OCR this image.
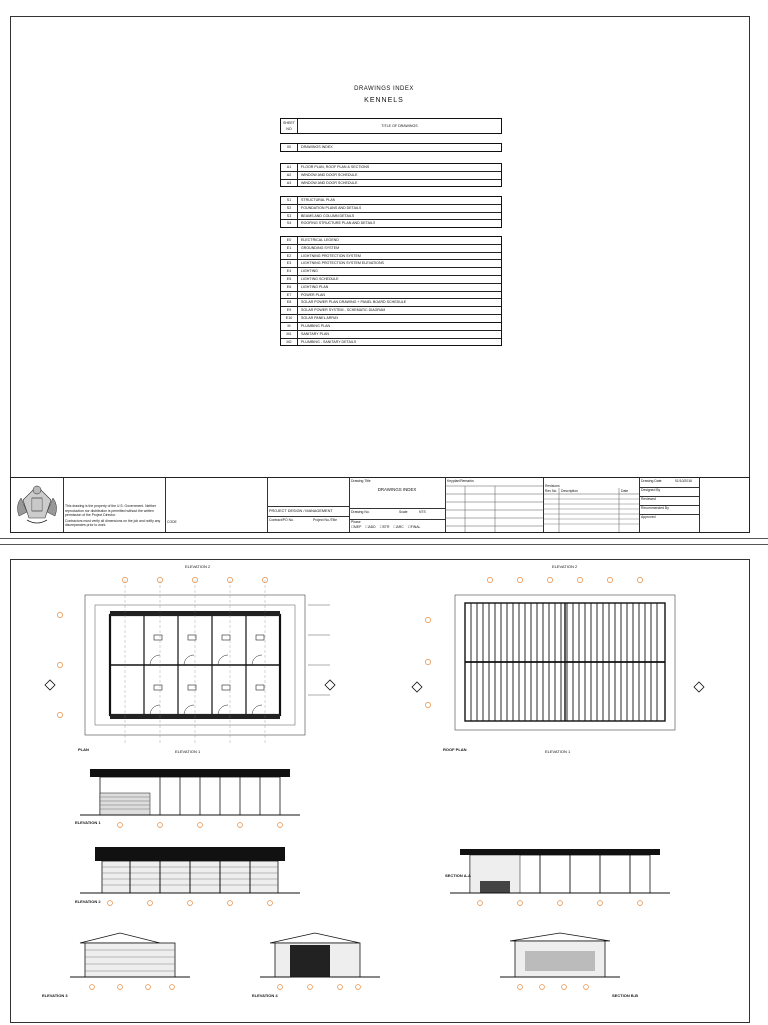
DRAWINGS INDEX
KENNELS
SHEET NO
TITLE OF DRAWINGS
00	DRAWINGS INDEX
A1	FLOOR PLAN, ROOF PLAN & SECTIONS
A2	WINDOW AND DOOR SCHEDULE
A3	WINDOW AND DOOR SCHEDULE
S1	STRUCTURAL PLAN
S2	FOUNDATION PLANS AND DETAILS
S3	BEAMS AND COLUMN DETAILS
S4	ROOFING STRUCTURE PLAN AND DETAILS
E0	ELECTRICAL LEGEND
E1	GROUNDING SYSTEM
E2	LIGHTNING PROTECTION SYSTEM
E3	LIGHTNING PROTECTION SYSTEM ELEVATIONS
E4	LIGHTING
E5	LIGHTING SCHEDULE
E6	LIGHTING PLAN
E7	POWER PLAN
E8	SOLAR POWER PLAN DRAWING + PANEL BOARD SCHEDULE
E9	SOLAR POWER SYSTEM - SCHEMATIC DIAGRAM
E10	SOLAR PANEL ARRAY
M	PLUMBING PLAN
M1	SANITARY PLAN
M2	PLUMBING - SANITARY DETAILS
This drawing is the property of the U.S. Government. Neither reproduction nor distribution is permitted without the written permission of the Project Director.
Contractors must verify all dimensions on the job and notify any discrepancies prior to work.
CODE
PROJECT DESIGN / MANAGEMENT
Contract/PO No.	Project No./Title
Drawing Title
DRAWINGS INDEX
Drawing No.	Scale	NTS
Phase
☐MEP ☐ADD ☐STR ☐ARC ☐FINAL
Keyplan/Remarks
Revisions
Rev No. Description	Date
Drawing Date	01/10/2016
Designed By
Reviewed
Recommended By
Approved
PLAN
ELEVATION 2
ELEVATION 1	ROOF PLAN
ELEVATION 2
ELEVATION 1
ELEVATION 1
ELEVATION 2
SECTION A-A
ELEVATION 3	ELEVATION 4	SECTION B-B
